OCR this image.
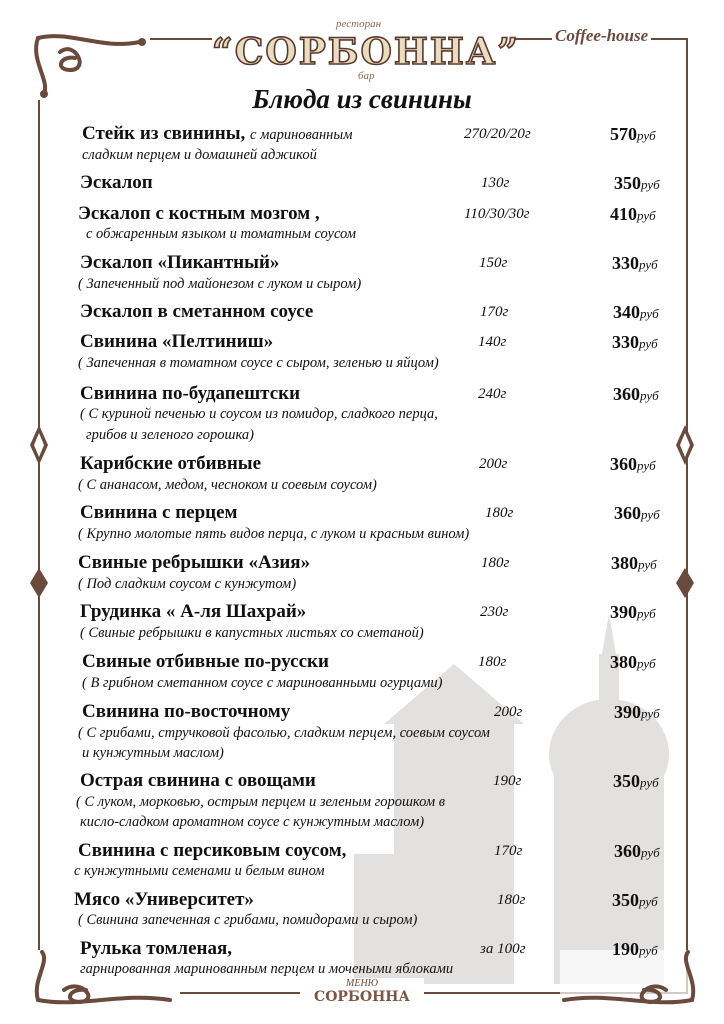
ресторан
“СОРБОННА”
бар
Coffee-house
Блюда из свинины
Стейк из свинины, с маринованным
сладким перцем и домашней аджикой
270/20/20г	570руб
Эскалоп	130г	350руб
Эскалоп с костным мозгом ,
с обжаренным языком и томатным соусом
110/30/30г	410руб
Эскалоп «Пикантный»
( Запеченный под майонезом с луком и сыром)
150г	330руб
Эскалоп в сметанном соусе	170г	340руб
Свинина «Пелтиниш»
( Запеченная в томатном соусе с сыром, зеленью и яйцом)
140г	330руб
Свинина по-будапештски
( С куриной печенью и соусом из помидор, сладкого перца,
грибов и зеленого горошка)
240г	360руб
Карибские отбивные
( С ананасом, медом, чесноком и соевым соусом)
200г	360руб
Свинина с перцем
( Крупно молотые пять видов перца, с луком и красным вином)
180г	360руб
Свиные ребрышки «Азия»
( Под сладким соусом с кунжутом)
180г	380руб
Грудинка « А-ля Шахрай»
( Свиные ребрышки в капустных листьях со сметаной)
230г	390руб
Свиные отбивные по-русски
( В грибном сметанном соусе с маринованными огурцами)
180г	380руб
Свинина по-восточному
( С грибами, стручковой фасолью, сладким перцем, соевым соусом
и кунжутным маслом)
200г	390руб
Острая свинина с овощами
( С луком, морковью, острым перцем и зеленым горошком в
кисло-сладком ароматном соусе с кунжутным маслом)
190г	350руб
Свинина с персиковым соусом,
с кунжутными семенами и белым вином
170г	360руб
Мясо «Университет»
( Свинина запеченная с грибами, помидорами и сыром)
180г	350руб
Рулька томленая,
гарнированная маринованным перцем и мочеными яблоками
за 100г	190руб
МЕНЮ
СОРБОННА
